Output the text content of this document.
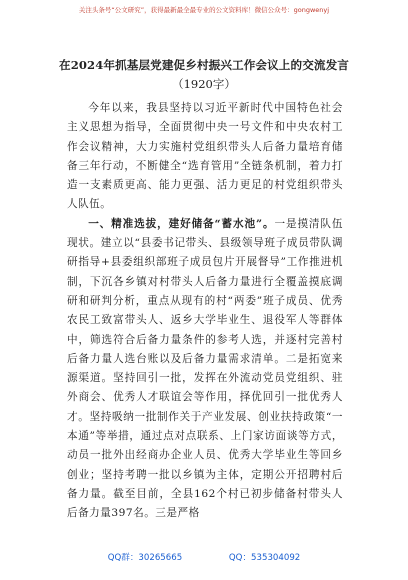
关注头条号“公文研究”，获得最新最全最专业的公文资料库！微信公众号：gongwenyj
在2024年抓基层党建促乡村振兴工作会议上的交流发言
（1920字）

今年以来，我县坚持以习近平新时代中国特色社会主义思想为指导，全面贯彻中央一号文件和中央农村工作会议精神，大力实施村党组织带头人后备力量培育储备三年行动，不断健全“选育管用”全链条机制，着力打造一支素质更高、能力更强、活力更足的村党组织带头人队伍。

一、精准选拔，建好储备“蓄水池”。一是摸清队伍现状。建立以“县委书记带头、县级领导班子成员带队调研指导+县委组织部班子成员包片开展督导”工作推进机制，下沉各乡镇对村带头人后备力量进行全覆盖摸底调研和研判分析，重点从现有的村“两委”班子成员、优秀农民工致富带头人、返乡大学毕业生、退役军人等群体中，筛选符合后备力量条件的参考人选，并逐村完善村后备力量人选台账以及后备力量需求清单。二是拓宽来源渠道。坚持回引一批，发挥在外流动党员党组织、驻外商会、优秀人才联谊会等作用，择优回引一批优秀人才。坚持吸纳一批制作关于产业发展、创业扶持政策“一本通”等举措，通过点对点联系、上门家访面谈等方式，动员一批外出经商办企业人员、优秀大学毕业生等回乡创业；坚持考聘一批以乡镇为主体，定期公开招聘村后备力量。截至目前，全县162个村已初步储备村带头人后备力量397名。三是严格

QQ群：30265665	QQ：535304092
